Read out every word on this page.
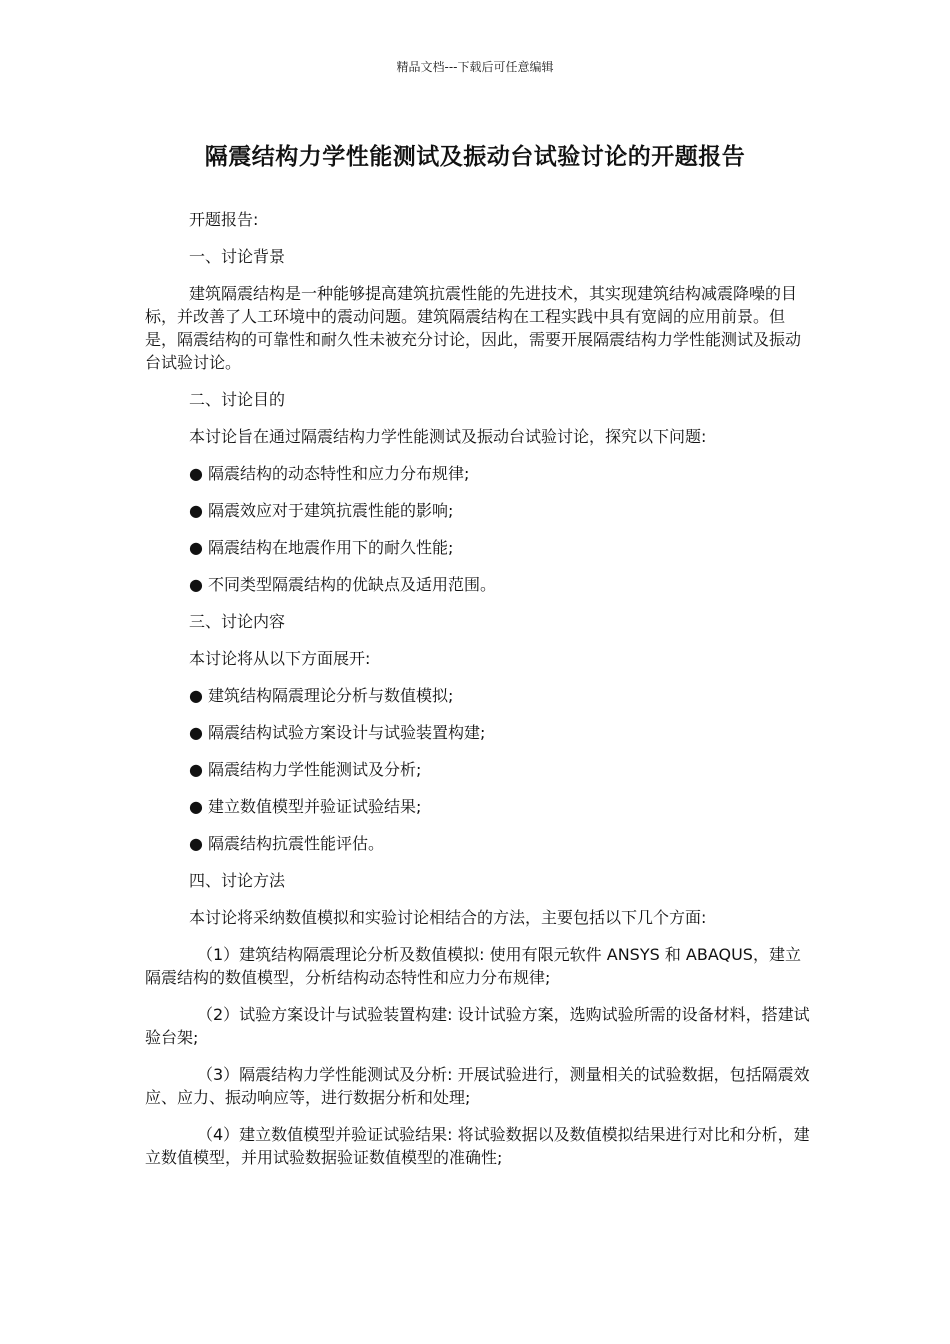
精品文档---下载后可任意编辑
隔震结构力学性能测试及振动台试验讨论的开题报告

开题报告:

一、讨论背景

建筑隔震结构是一种能够提高建筑抗震性能的先进技术，其实现建筑结构减震降噪的目标，并改善了人工环境中的震动问题。建筑隔震结构在工程实践中具有宽阔的应用前景。但是，隔震结构的可靠性和耐久性未被充分讨论，因此，需要开展隔震结构力学性能测试及振动台试验讨论。

二、讨论目的

本讨论旨在通过隔震结构力学性能测试及振动台试验讨论，探究以下问题:

● 隔震结构的动态特性和应力分布规律;

● 隔震效应对于建筑抗震性能的影响;

● 隔震结构在地震作用下的耐久性能;

● 不同类型隔震结构的优缺点及适用范围。

三、讨论内容

本讨论将从以下方面展开:

● 建筑结构隔震理论分析与数值模拟;

● 隔震结构试验方案设计与试验装置构建;

● 隔震结构力学性能测试及分析;

● 建立数值模型并验证试验结果;

● 隔震结构抗震性能评估。

四、讨论方法

本讨论将采纳数值模拟和实验讨论相结合的方法，主要包括以下几个方面:

（1）建筑结构隔震理论分析及数值模拟: 使用有限元软件 ANSYS 和 ABAQUS，建立隔震结构的数值模型，分析结构动态特性和应力分布规律;

（2）试验方案设计与试验装置构建: 设计试验方案，选购试验所需的设备材料，搭建试验台架;

（3）隔震结构力学性能测试及分析: 开展试验进行，测量相关的试验数据，包括隔震效应、应力、振动响应等，进行数据分析和处理;

（4）建立数值模型并验证试验结果: 将试验数据以及数值模拟结果进行对比和分析，建立数值模型，并用试验数据验证数值模型的准确性;
